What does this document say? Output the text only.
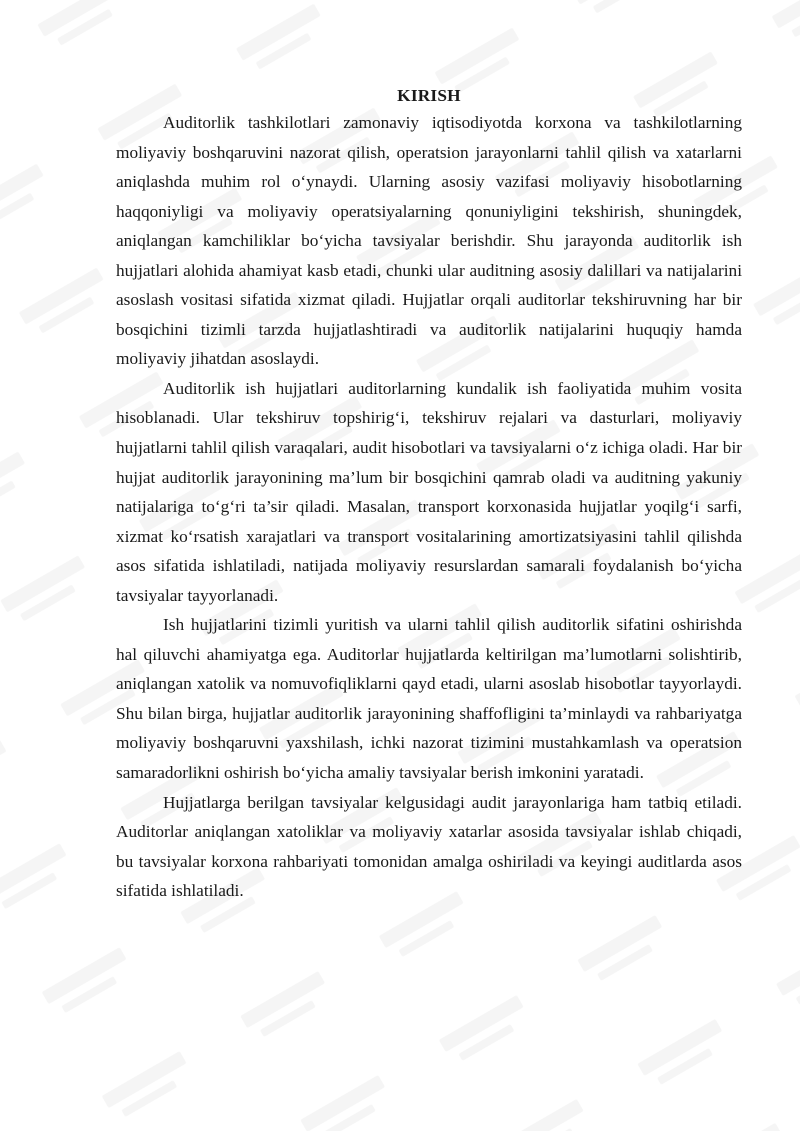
KIRISH

Auditorlik tashkilotlari zamonaviy iqtisodiyotda korxona va tashkilotlarning moliyaviy boshqaruvini nazorat qilish, operatsion jarayonlarni tahlil qilish va xatarlarni aniqlashda muhim rol o‘ynaydi. Ularning asosiy vazifasi moliyaviy hisobotlarning haqqoniyligi va moliyaviy operatsiyalarning qonuniyligini tekshirish, shuningdek, aniqlangan kamchiliklar bo‘yicha tavsiyalar berishdir. Shu jarayonda auditorlik ish hujjatlari alohida ahamiyat kasb etadi, chunki ular auditning asosiy dalillari va natijalarini asoslash vositasi sifatida xizmat qiladi. Hujjatlar orqali auditorlar tekshiruvning har bir bosqichini tizimli tarzda hujjatlashtiradi va auditorlik natijalarini huquqiy hamda moliyaviy jihatdan asoslaydi.

Auditorlik ish hujjatlari auditorlarning kundalik ish faoliyatida muhim vosita hisoblanadi. Ular tekshiruv topshirig‘i, tekshiruv rejalari va dasturlari, moliyaviy hujjatlarni tahlil qilish varaqalari, audit hisobotlari va tavsiyalarni o‘z ichiga oladi. Har bir hujjat auditorlik jarayonining ma’lum bir bosqichini qamrab oladi va auditning yakuniy natijalariga to‘g‘ri ta’sir qiladi. Masalan, transport korxonasida hujjatlar yoqilg‘i sarfi, xizmat ko‘rsatish xarajatlari va transport vositalarining amortizatsiyasini tahlil qilishda asos sifatida ishlatiladi, natijada moliyaviy resurslardan samarali foydalanish bo‘yicha tavsiyalar tayyorlanadi.

Ish hujjatlarini tizimli yuritish va ularni tahlil qilish auditorlik sifatini oshirishda hal qiluvchi ahamiyatga ega. Auditorlar hujjatlarda keltirilgan ma’lumotlarni solishtirib, aniqlangan xatolik va nomuvofiqliklarni qayd etadi, ularni asoslab hisobotlar tayyorlaydi. Shu bilan birga, hujjatlar auditorlik jarayonining shaffofligini ta’minlaydi va rahbariyatga moliyaviy boshqaruvni yaxshilash, ichki nazorat tizimini mustahkamlash va operatsion samaradorlikni oshirish bo‘yicha amaliy tavsiyalar berish imkonini yaratadi.

Hujjatlarga berilgan tavsiyalar kelgusidagi audit jarayonlariga ham tatbiq etiladi. Auditorlar aniqlangan xatoliklar va moliyaviy xatarlar asosida tavsiyalar ishlab chiqadi, bu tavsiyalar korxona rahbariyati tomonidan amalga oshiriladi va keyingi auditlarda asos sifatida ishlatiladi.
